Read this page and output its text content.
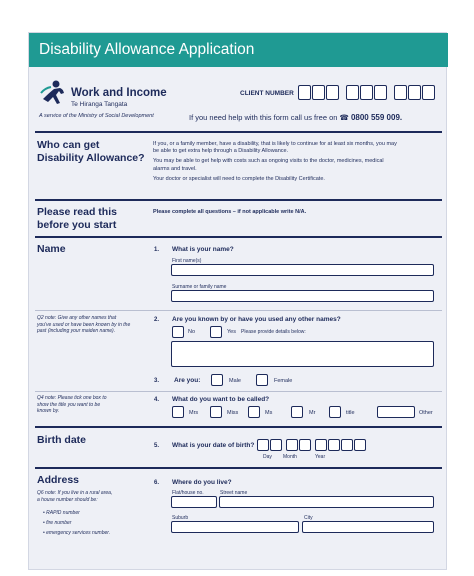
Disability Allowance Application
Work and Income
Te Hiranga Tangata
A service of the Ministry of Social Development
CLIENT NUMBER
If you need help with this form call us free on ☎ 0800 559 009.
Who can get
Disability Allowance?
If you, or a family member, have a disability, that is likely to continue for at least six months, you may
be able to get extra help through a Disability Allowance.
You may be able to get help with costs such as ongoing visits to the doctor, medicines, medical
alarms and travel.
Your doctor or specialist will need to complete the Disability Certificate.
Please read this
before you start
Please complete all questions – if not applicable write N/A.
Name	1. What is your name?
First name(s)
Surname or family name
Q2 note: Give any other names that
you've used or have been known by in the
past (including your maiden name).
2. Are you known by or have you used any other names?
No	Yes Please provide details below:
3. Are you:	Male	Female
Q4 note: Please tick one box to
show the title you want to be
known by.
4. What do you want to be called?
Mrs	Miss	Ms	Mr	title	Other
Birth date	5. What is your date of birth?
Day Month	Year
Address
Q6 note: If you live in a rural area,
a house number should be:
• RAPID number
• fire number
• emergency services number.
6. Where do you live?
Flat/house no.	Street name
Suburb	City
